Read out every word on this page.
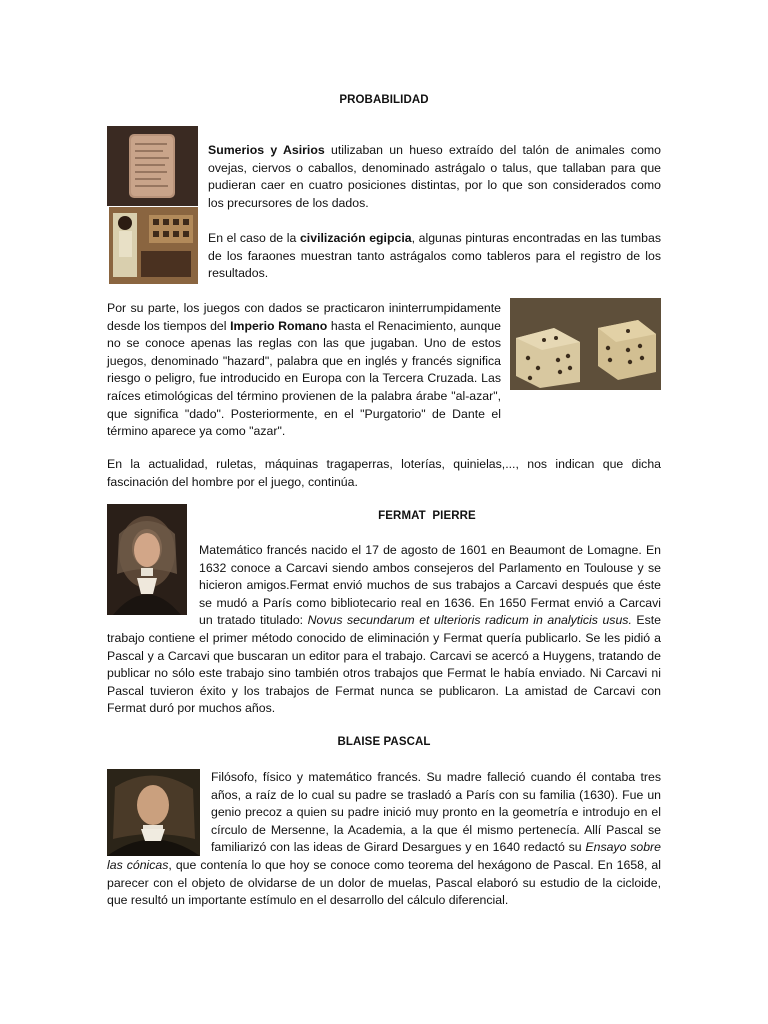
PROBABILIDAD
Sumerios y Asirios utilizaban un hueso extraído del talón de animales como ovejas, ciervos o caballos, denominado astrágalo o talus, que tallaban para que pudieran caer en cuatro posiciones distintas, por lo que son considerados como los precursores de los dados.
En el caso de la civilización egipcia, algunas pinturas encontradas en las tumbas de los faraones muestran tanto astrágalos como tableros para el registro de los resultados.
Por su parte, los juegos con dados se practicaron ininterrumpidamente desde los tiempos del Imperio Romano hasta el Renacimiento, aunque no se conoce apenas las reglas con las que jugaban. Uno de estos juegos, denominado "hazard", palabra que en inglés y francés significa riesgo o peligro, fue introducido en Europa con la Tercera Cruzada. Las raíces etimológicas del término provienen de la palabra árabe "al-azar", que significa "dado". Posteriormente, en el "Purgatorio" de Dante el término aparece ya como "azar".
En la actualidad, ruletas, máquinas tragaperras, loterías, quinielas,..., nos indican que dicha fascinación del hombre por el juego, continúa.
FERMAT  PIERRE
Matemático francés nacido el 17 de agosto de 1601 en Beaumont de Lomagne. En 1632 conoce a Carcavi siendo ambos consejeros del Parlamento en Toulouse y se hicieron amigos.Fermat envió muchos de sus trabajos a Carcavi después que éste se mudó a París como bibliotecario real en 1636. En 1650 Fermat envió a Carcavi un tratado titulado: Novus secundarum et ulterioris radicum in analyticis usus. Este trabajo contiene el primer método conocido de eliminación y Fermat quería publicarlo. Se les pidió a Pascal y a Carcavi que buscaran un editor para el trabajo. Carcavi se acercó a Huygens, tratando de publicar no sólo este trabajo sino también otros trabajos que Fermat le había enviado. Ni Carcavi ni Pascal tuvieron éxito y los trabajos de Fermat nunca se publicaron. La amistad de Carcavi con Fermat duró por muchos años.
BLAISE PASCAL
Filósofo, físico y matemático francés. Su madre falleció cuando él contaba tres años, a raíz de lo cual su padre se trasladó a París con su familia (1630). Fue un genio precoz a quien su padre inició muy pronto en la geometría e introdujo en el círculo de Mersenne, la Academia, a la que él mismo pertenecía. Allí Pascal se familiarizó con las ideas de Girard Desargues y en 1640 redactó su Ensayo sobre las cónicas, que contenía lo que hoy se conoce como teorema del hexágono de Pascal. En 1658, al parecer con el objeto de olvidarse de un dolor de muelas, Pascal elaboró su estudio de la cicloide, que resultó un importante estímulo en el desarrollo del cálculo diferencial.
